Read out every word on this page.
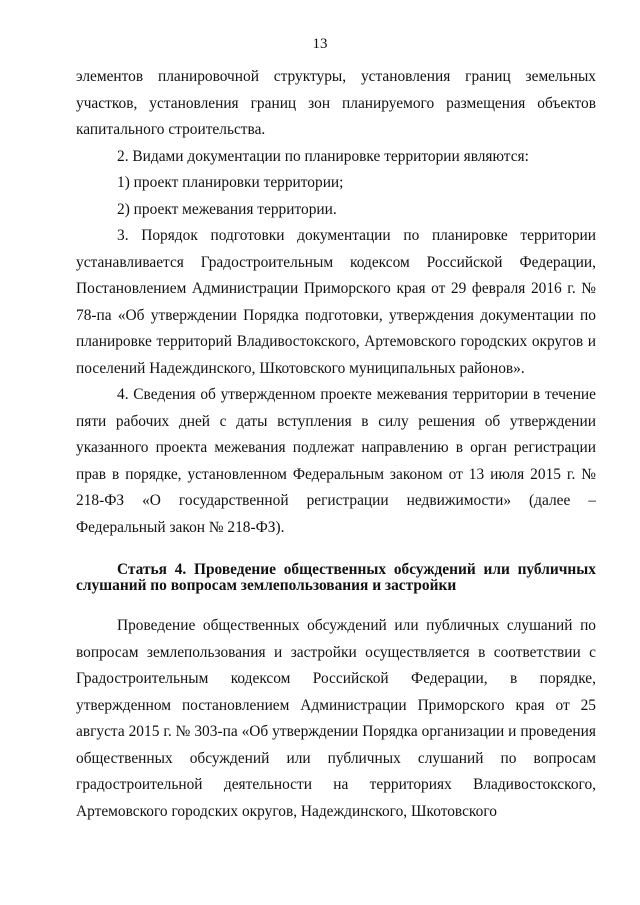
13

элементов планировочной структуры, установления границ земельных участков, установления границ зон планируемого размещения объектов капитального строительства.

2. Видами документации по планировке территории являются:

1) проект планировки территории;

2) проект межевания территории.

3. Порядок подготовки документации по планировке территории устанавливается Градостроительным кодексом Российской Федерации, Постановлением Администрации Приморского края от 29 февраля 2016 г. № 78-па «Об утверждении Порядка подготовки, утверждения документации по планировке территорий Владивостокского, Артемовского городских округов и поселений Надеждинского, Шкотовского муниципальных районов».

4. Сведения об утвержденном проекте межевания территории в течение пяти рабочих дней с даты вступления в силу решения об утверждении указанного проекта межевания подлежат направлению в орган регистрации прав в порядке, установленном Федеральным законом от 13 июля 2015 г. № 218-ФЗ «О государственной регистрации недвижимости» (далее – Федеральный закон № 218-ФЗ).

Статья 4. Проведение общественных обсуждений или публичных слушаний по вопросам землепользования и застройки

Проведение общественных обсуждений или публичных слушаний по вопросам землепользования и застройки осуществляется в соответствии с Градостроительным кодексом Российской Федерации, в порядке, утвержденном постановлением Администрации Приморского края от 25 августа 2015 г. № 303-па «Об утверждении Порядка организации и проведения общественных обсуждений или публичных слушаний по вопросам градостроительной деятельности на территориях Владивостокского, Артемовского городских округов, Надеждинского, Шкотовского
